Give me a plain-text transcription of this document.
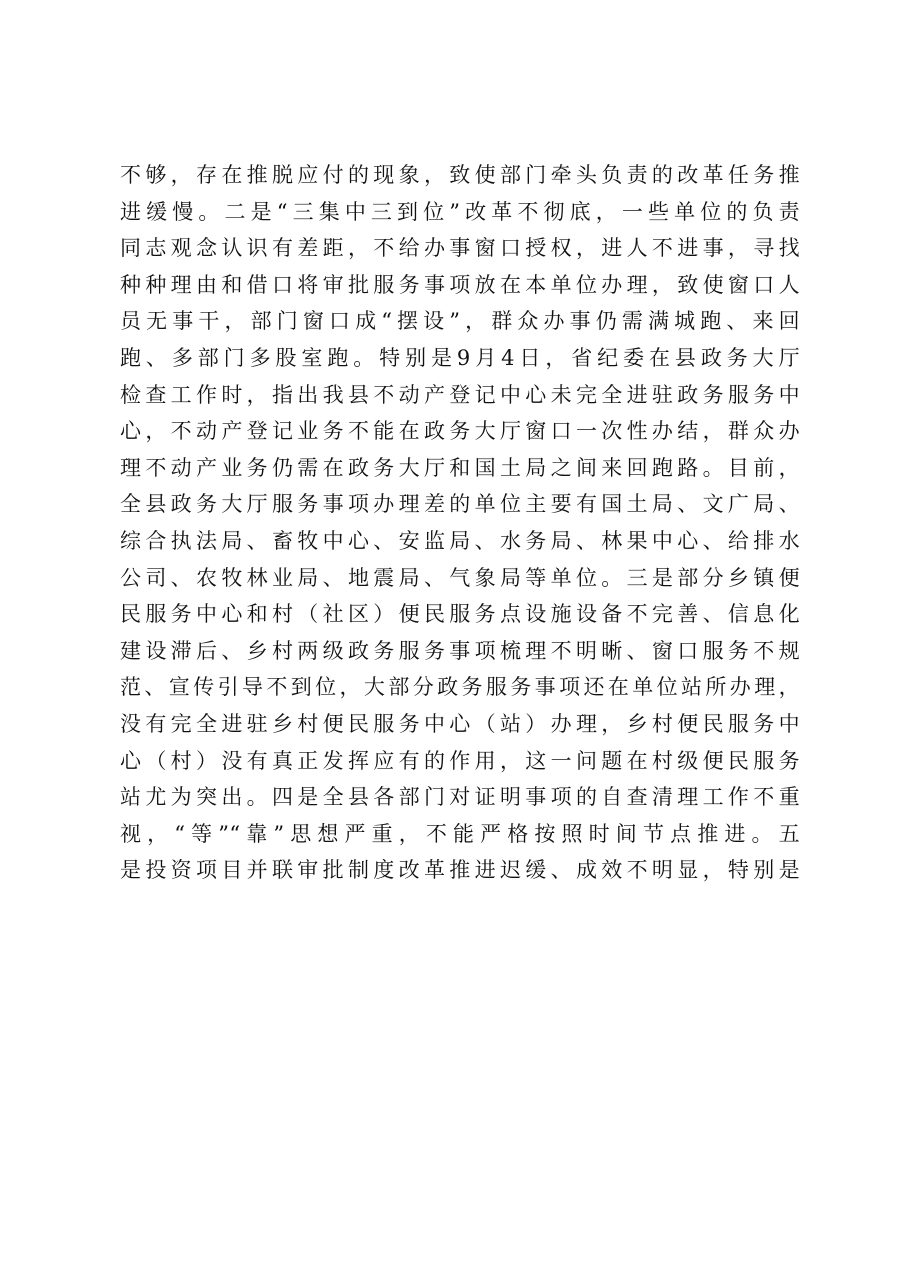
不够，存在推脱应付的现象，致使部门牵头负责的改革任务推
进缓慢。二是“三集中三到位”改革不彻底，一些单位的负责
同志观念认识有差距，不给办事窗口授权，进人不进事，寻找
种种理由和借口将审批服务事项放在本单位办理，致使窗口人
员无事干，部门窗口成“摆设”，群众办事仍需满城跑、来回
跑、多部门多股室跑。特别是9月4日，省纪委在县政务大厅
检查工作时，指出我县不动产登记中心未完全进驻政务服务中
心，不动产登记业务不能在政务大厅窗口一次性办结，群众办
理不动产业务仍需在政务大厅和国土局之间来回跑路。目前，
全县政务大厅服务事项办理差的单位主要有国土局、文广局、
综合执法局、畜牧中心、安监局、水务局、林果中心、给排水
公司、农牧林业局、地震局、气象局等单位。三是部分乡镇便
民服务中心和村（社区）便民服务点设施设备不完善、信息化
建设滞后、乡村两级政务服务事项梳理不明晰、窗口服务不规
范、宣传引导不到位，大部分政务服务事项还在单位站所办理，
没有完全进驻乡村便民服务中心（站）办理，乡村便民服务中
心（村）没有真正发挥应有的作用，这一问题在村级便民服务
站尤为突出。四是全县各部门对证明事项的自查清理工作不重
视，“等”“靠”思想严重，不能严格按照时间节点推进。五
是投资项目并联审批制度改革推进迟缓、成效不明显，特别是
